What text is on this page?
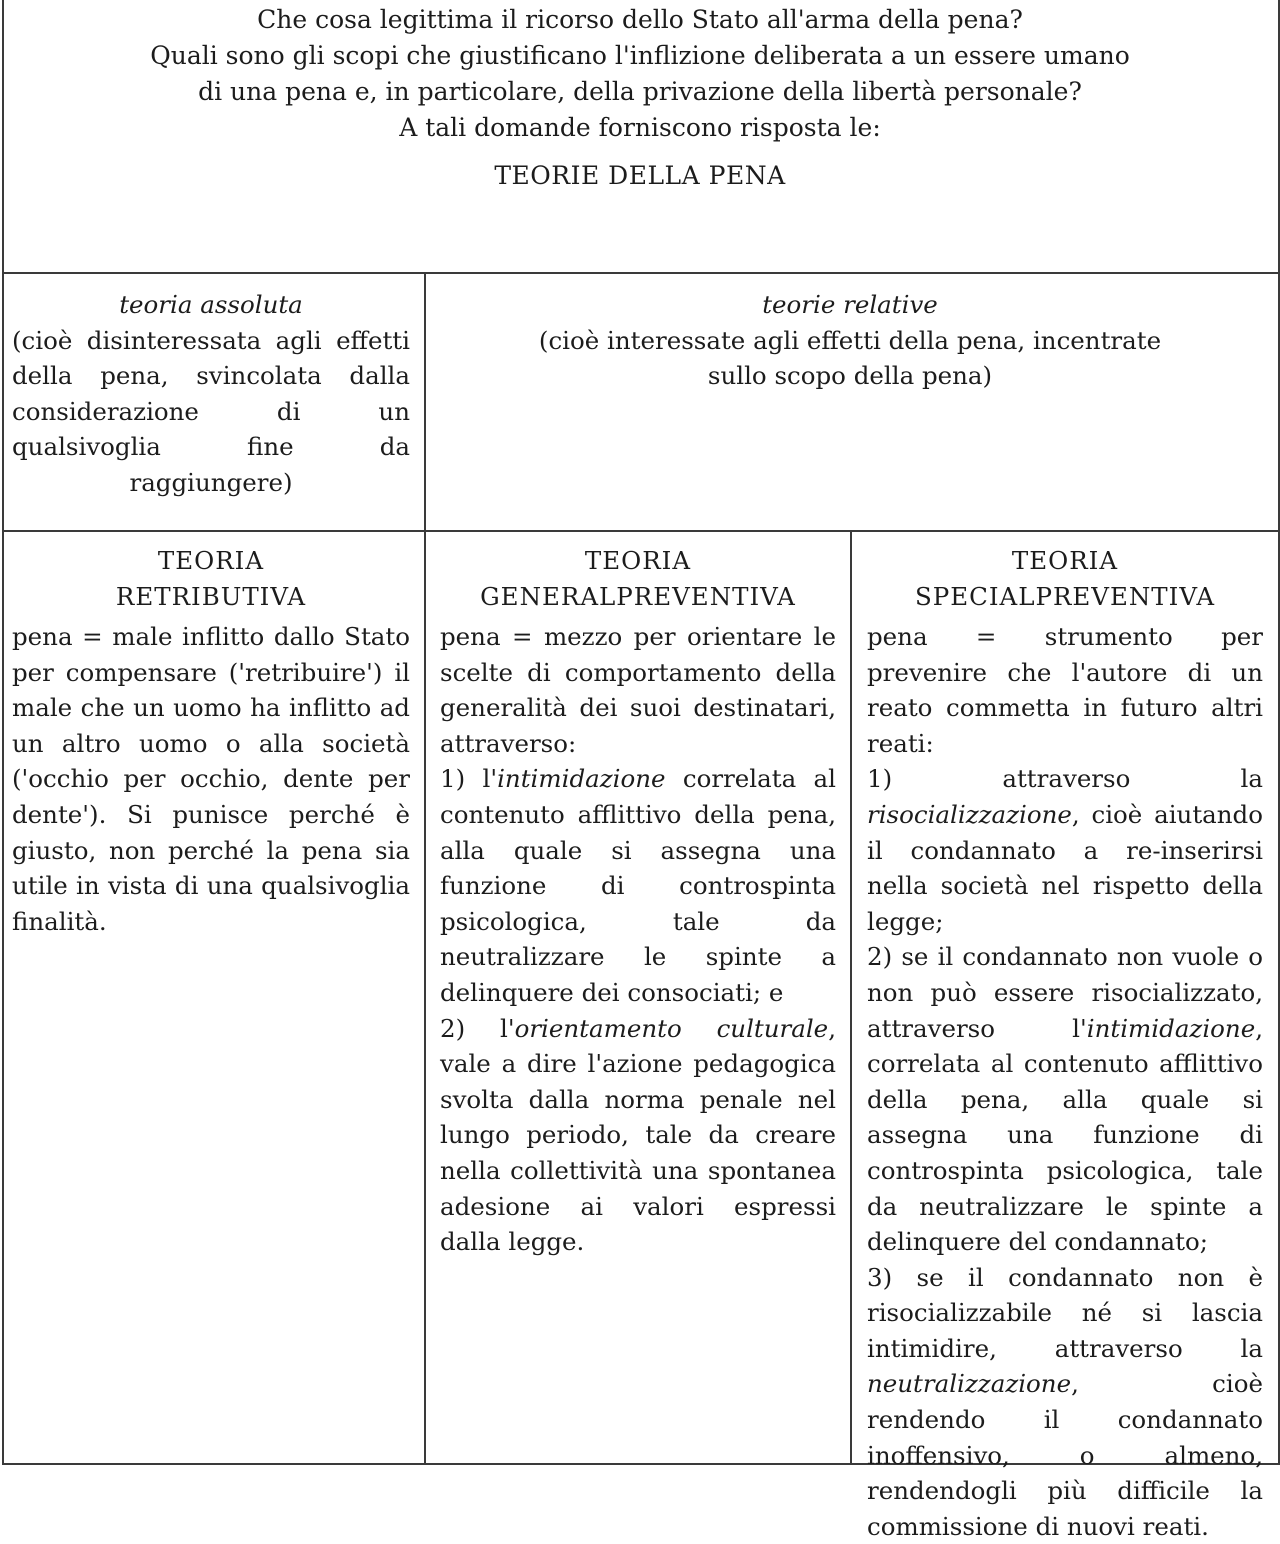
Che cosa legittima il ricorso dello Stato all'arma della pena?
Quali sono gli scopi che giustificano l'inflizione deliberata a un essere umano
di una pena e, in particolare, della privazione della libertà personale?
A tali domande forniscono risposta le:
TEORIE DELLA PENA
teoria assoluta
(cioè disinteressata agli effetti della pena, svincolata dalla considerazione di un qualsivoglia fine da raggiungere)
teorie relative
(cioè interessate agli effetti della pena, incentrate sullo scopo della pena)
TEORIA
RETRIBUTIVA
pena = male inflitto dallo Stato per compensare ('retribuire') il male che un uomo ha inflitto ad un altro uomo o alla società ('occhio per occhio, dente per dente'). Si punisce perché è giusto, non perché la pena sia utile in vista di una qualsivoglia finalità.
TEORIA
GENERALPREVENTIVA
pena = mezzo per orientare le scelte di comportamento della generalità dei suoi destinatari, attraverso:
1) l'intimidazione correlata al contenuto afflittivo della pena, alla quale si assegna una funzione di controspinta psicologica, tale da neutralizzare le spinte a delinquere dei consociati; e
2) l'orientamento culturale, vale a dire l'azione pedagogica svolta dalla norma penale nel lungo periodo, tale da creare nella collettività una spontanea adesione ai valori espressi dalla legge.
TEORIA
SPECIALPREVENTIVA
pena = strumento per prevenire che l'autore di un reato commetta in futuro altri reati:
1) attraverso la risocializzazione, cioè aiutando il condannato a re-inserirsi nella società nel rispetto della legge;
2) se il condannato non vuole o non può essere risocializzato, attraverso l'intimidazione, correlata al contenuto afflittivo della pena, alla quale si assegna una funzione di controspinta psicologica, tale da neutralizzare le spinte a delinquere del condannato;
3) se il condannato non è risocializzabile né si lascia intimidire, attraverso la neutralizzazione, cioè rendendo il condannato inoffensivo, o almeno, rendendogli più difficile la commissione di nuovi reati.
